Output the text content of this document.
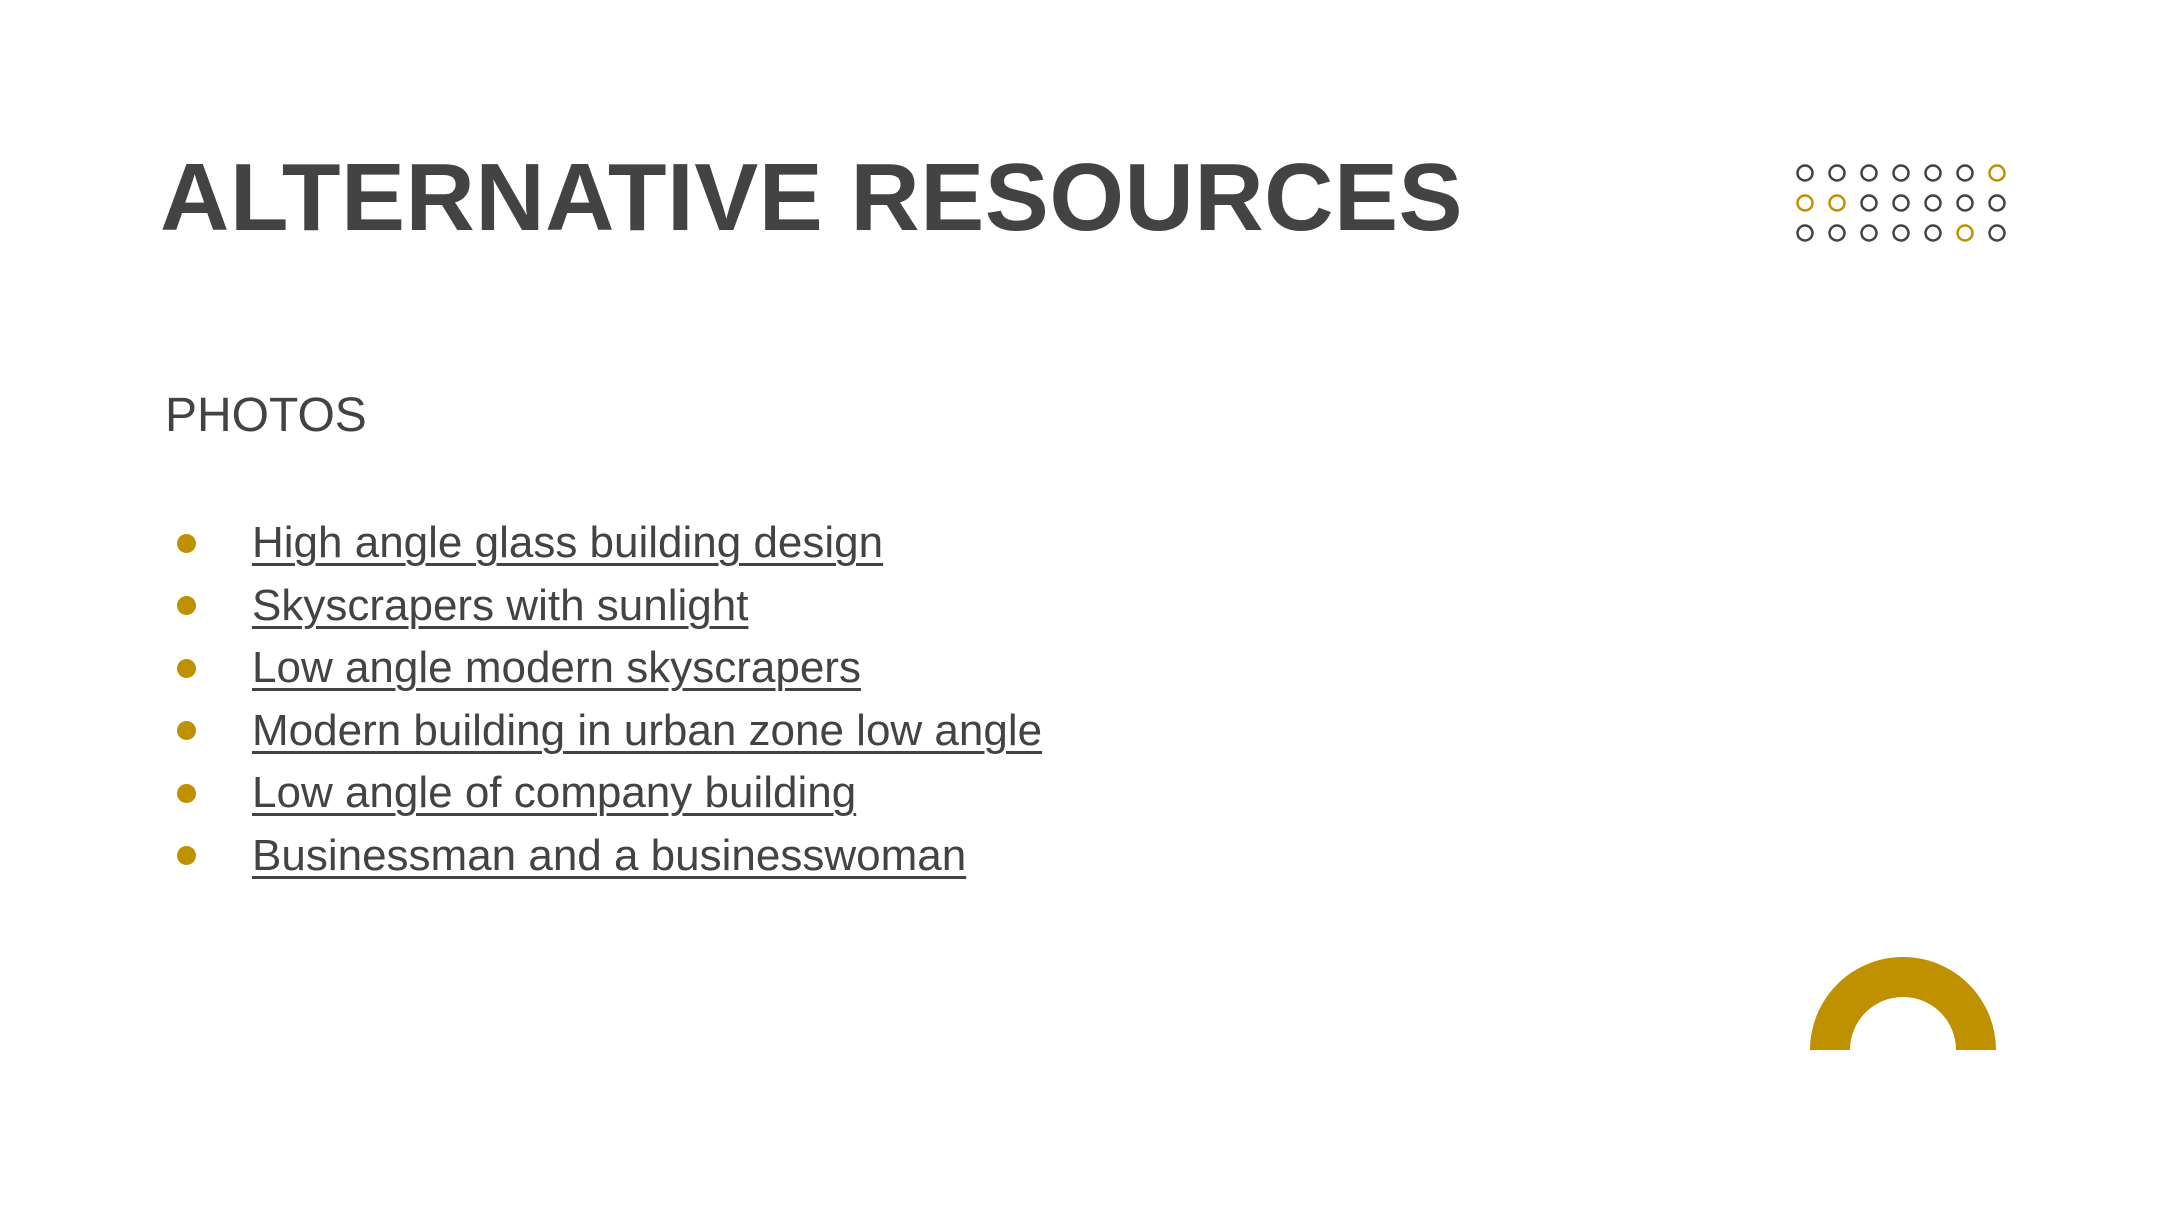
ALTERNATIVE RESOURCES
PHOTOS
High angle glass building design
Skyscrapers with sunlight
Low angle modern skyscrapers
Modern building in urban zone low angle
Low angle of company building
Businessman and a businesswoman
